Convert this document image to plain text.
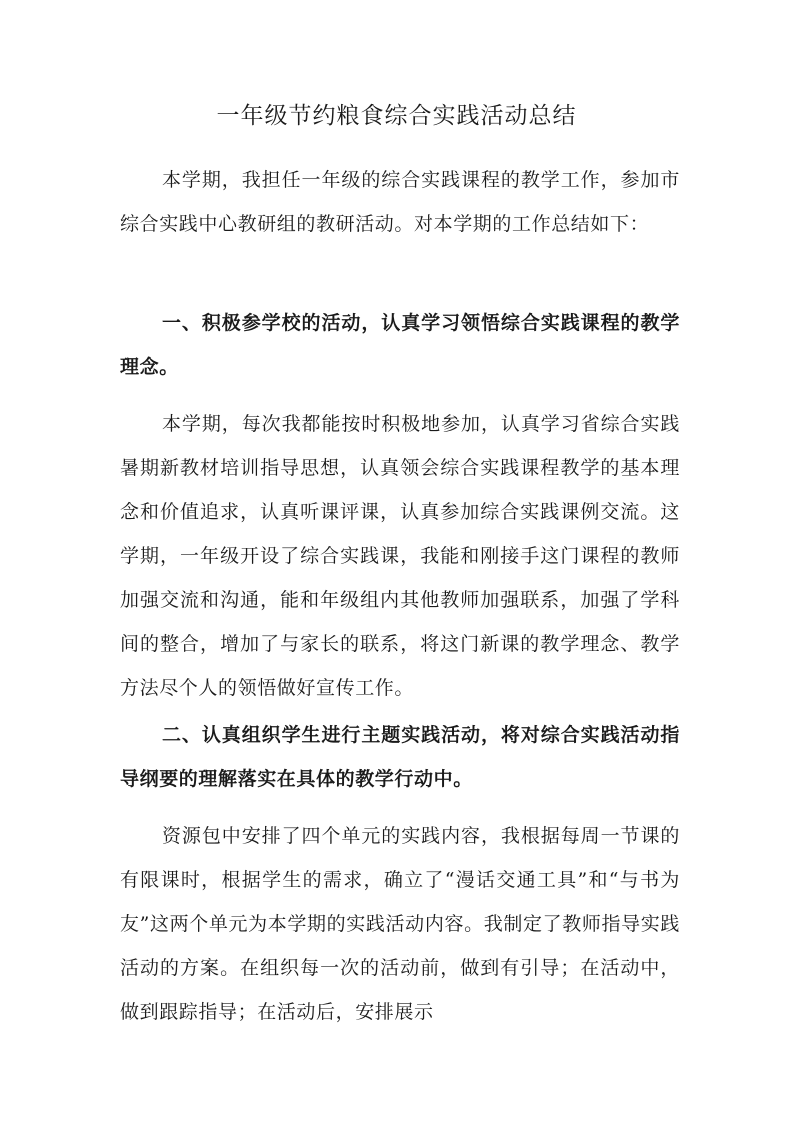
一年级节约粮食综合实践活动总结

本学期，我担任一年级的综合实践课程的教学工作，参加市综合实践中心教研组的教研活动。对本学期的工作总结如下：

一、积极参学校的活动，认真学习领悟综合实践课程的教学理念。

本学期，每次我都能按时积极地参加，认真学习省综合实践暑期新教材培训指导思想，认真领会综合实践课程教学的基本理念和价值追求，认真听课评课，认真参加综合实践课例交流。这学期，一年级开设了综合实践课，我能和刚接手这门课程的教师加强交流和沟通，能和年级组内其他教师加强联系，加强了学科间的整合，增加了与家长的联系，将这门新课的教学理念、教学方法尽个人的领悟做好宣传工作。

二、认真组织学生进行主题实践活动，将对综合实践活动指导纲要的理解落实在具体的教学行动中。

资源包中安排了四个单元的实践内容，我根据每周一节课的有限课时，根据学生的需求，确立了“漫话交通工具”和“与书为友”这两个单元为本学期的实践活动内容。我制定了教师指导实践活动的方案。在组织每一次的活动前，做到有引导；在活动中，做到跟踪指导；在活动后，安排展示
